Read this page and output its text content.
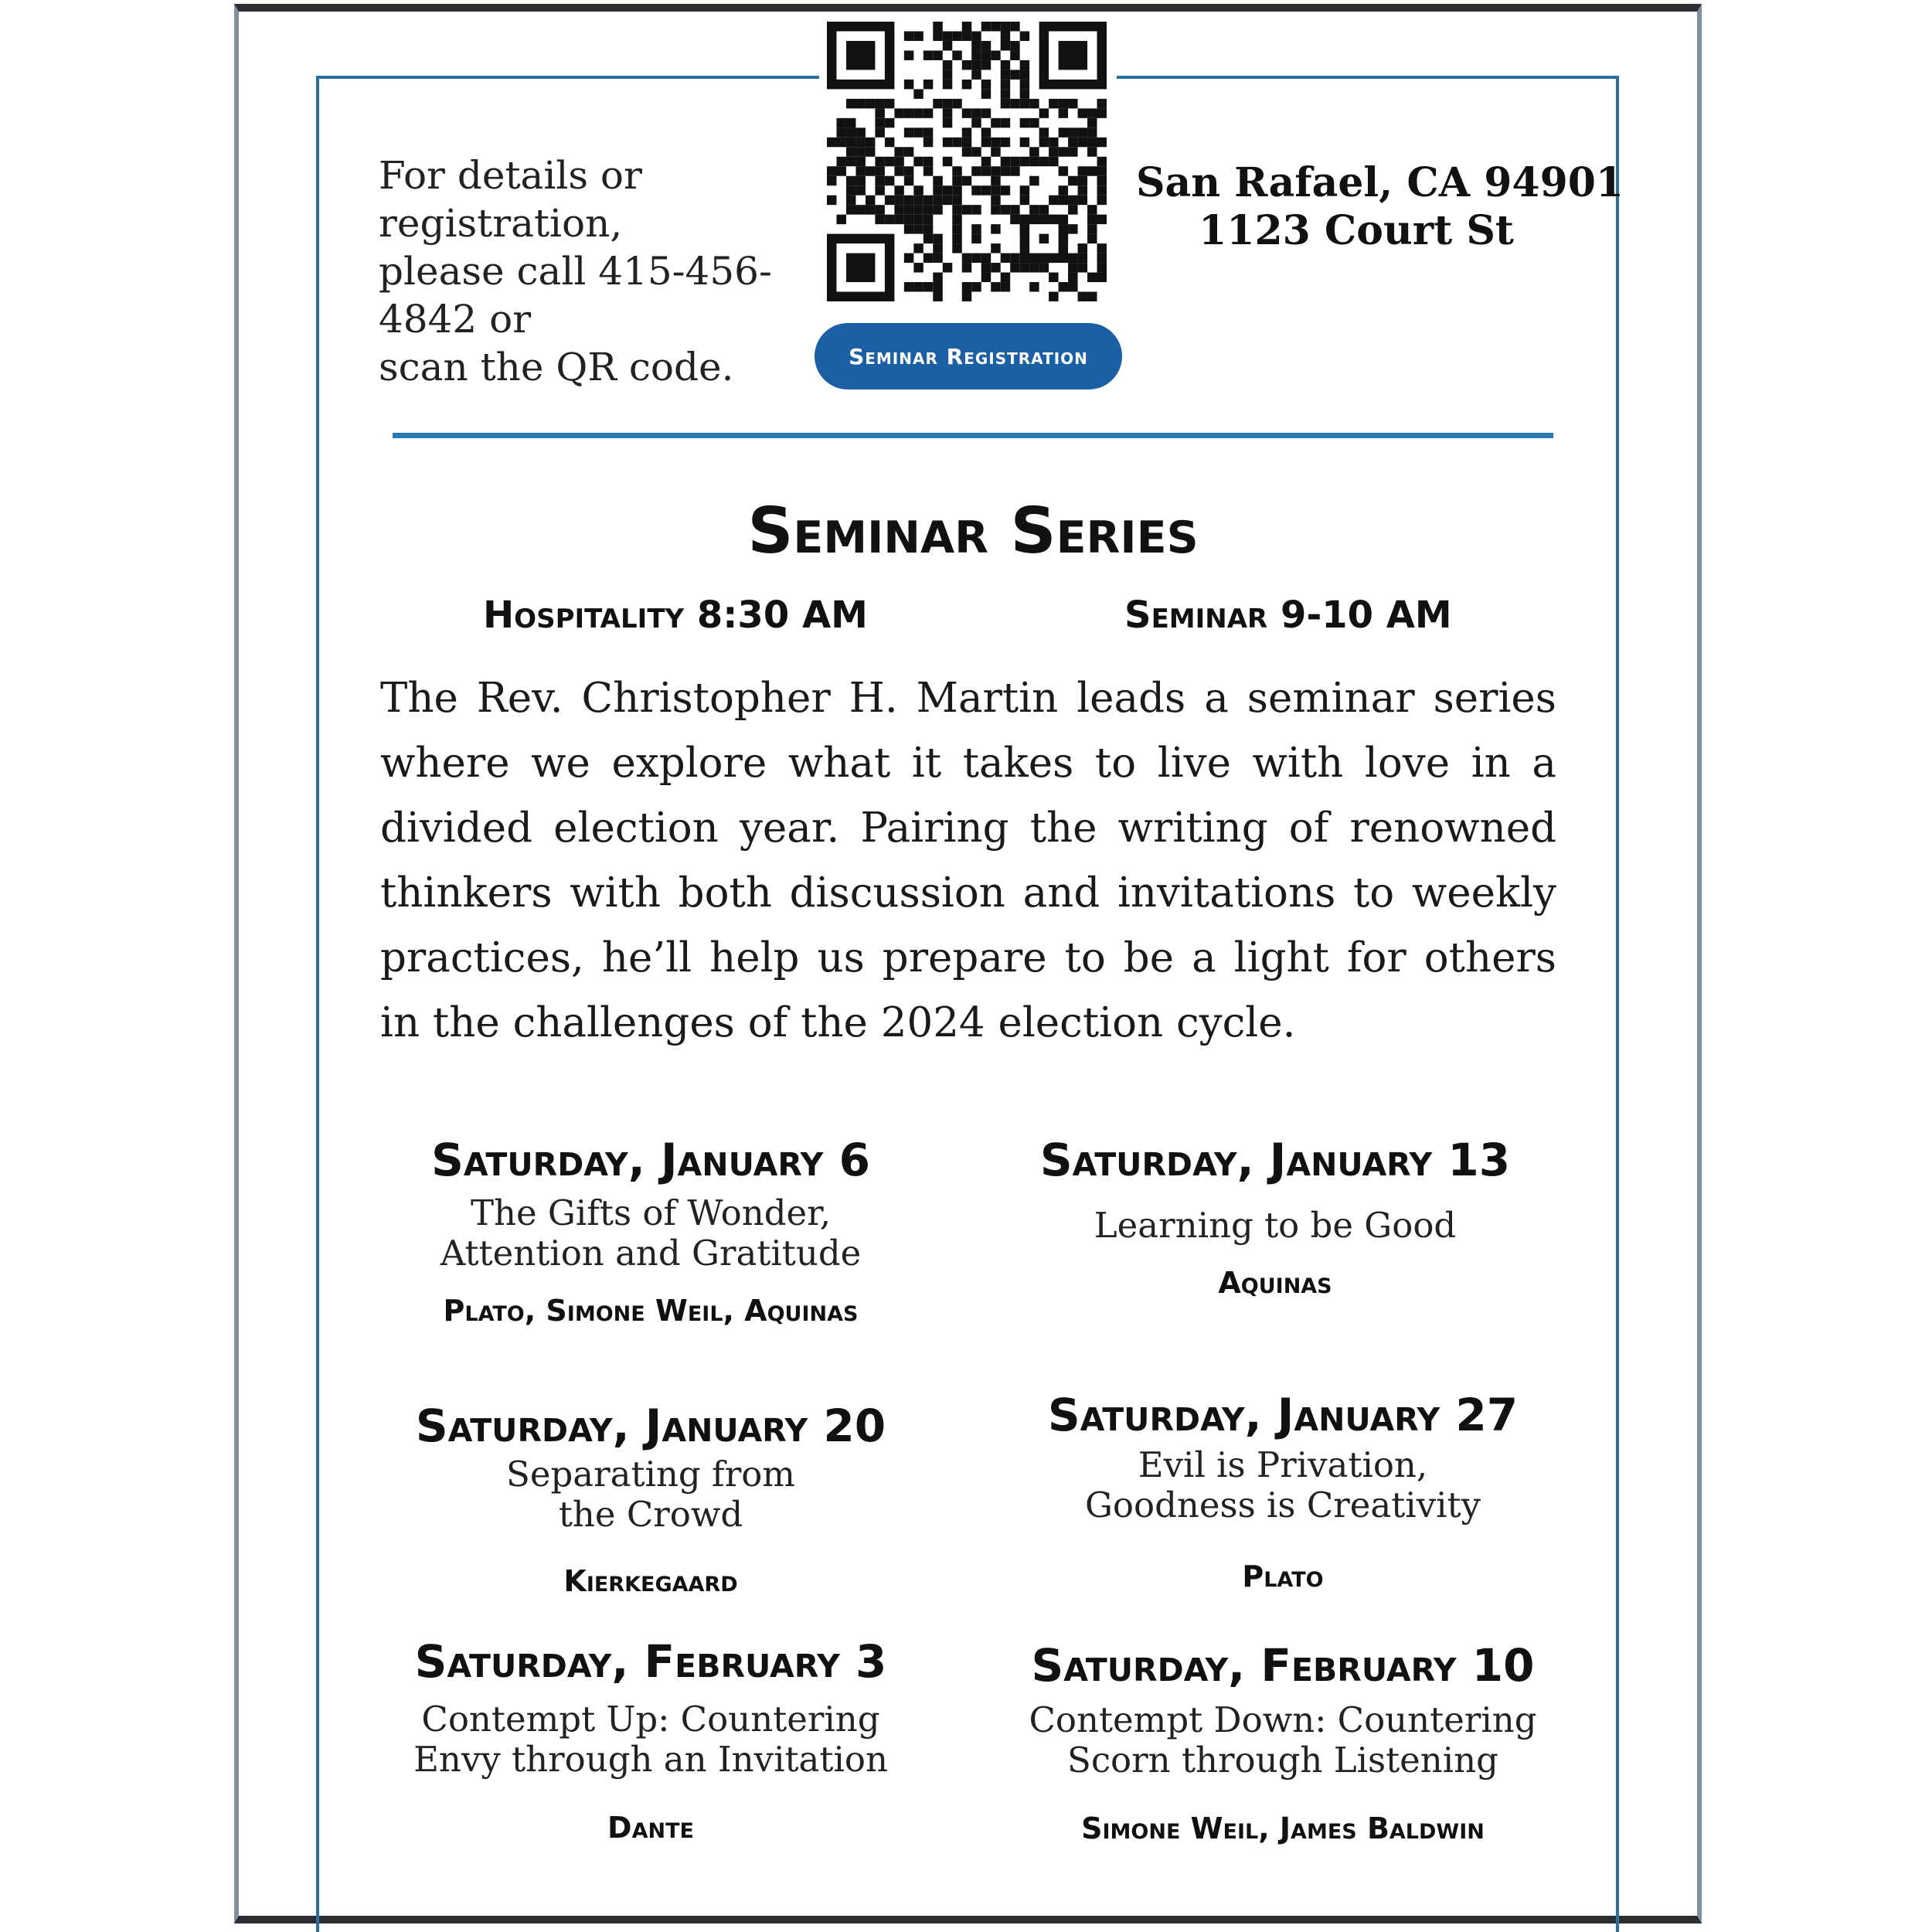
For details or registration,
please call 415-456-4842 or
scan the QR code.	Seminar Registration
San Rafael, CA 94901
1123 Court St
Seminar Series
Hospitality 8:30 AM	Seminar 9-10 AM
The Rev. Christopher H. Martin leads a seminar series where we explore what it takes to live with love in a divided election year. Pairing the writing of renowned thinkers with both discussion and invitations to weekly practices, he’ll help us prepare to be a light for others in the challenges of the 2024 election cycle.
Saturday, January 6
The Gifts of Wonder,
Attention and Gratitude
Plato, Simone Weil, Aquinas
Saturday, January 13
Learning to be Good
Aquinas
Saturday, January 20
Separating from
the Crowd
Kierkegaard
Saturday, January 27
Evil is Privation,
Goodness is Creativity
Plato
Saturday, February 3
Contempt Up: Countering
Envy through an Invitation
Dante
Saturday, February 10
Contempt Down: Countering
Scorn through Listening
Simone Weil, James Baldwin
